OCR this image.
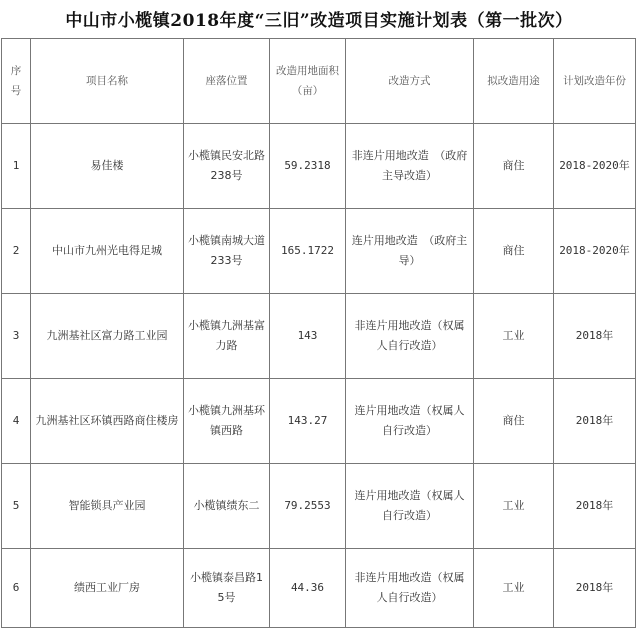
中山市小榄镇2018年度“三旧”改造项目实施计划表（第一批次）
序号	项目名称	座落位置	改造用地面积（亩）	改造方式	拟改造用途	计划改造年份
1	易佳楼	小榄镇民安北路238号	59.2318	非连片用地改造　（政府主导改造）	商住	2018-2020年
2	中山市九州光电得足城	小榄镇南城大道233号	165.1722	连片用地改造　（政府主导）	商住	2018-2020年
3	九洲基社区富力路工业园	小榄镇九洲基富力路	143	非连片用地改造（权属人自行改造）	工业	2018年
4	九洲基社区环镇西路商住楼房	小榄镇九洲基环镇西路	143.27	连片用地改造（权属人自行改造）	商住	2018年
5	智能锁具产业园	小榄镇绩东二	79.2553	连片用地改造（权属人自行改造）	工业	2018年
6	绩西工业厂房	小榄镇泰昌路15号	44.36	非连片用地改造（权属人自行改造）	工业	2018年
